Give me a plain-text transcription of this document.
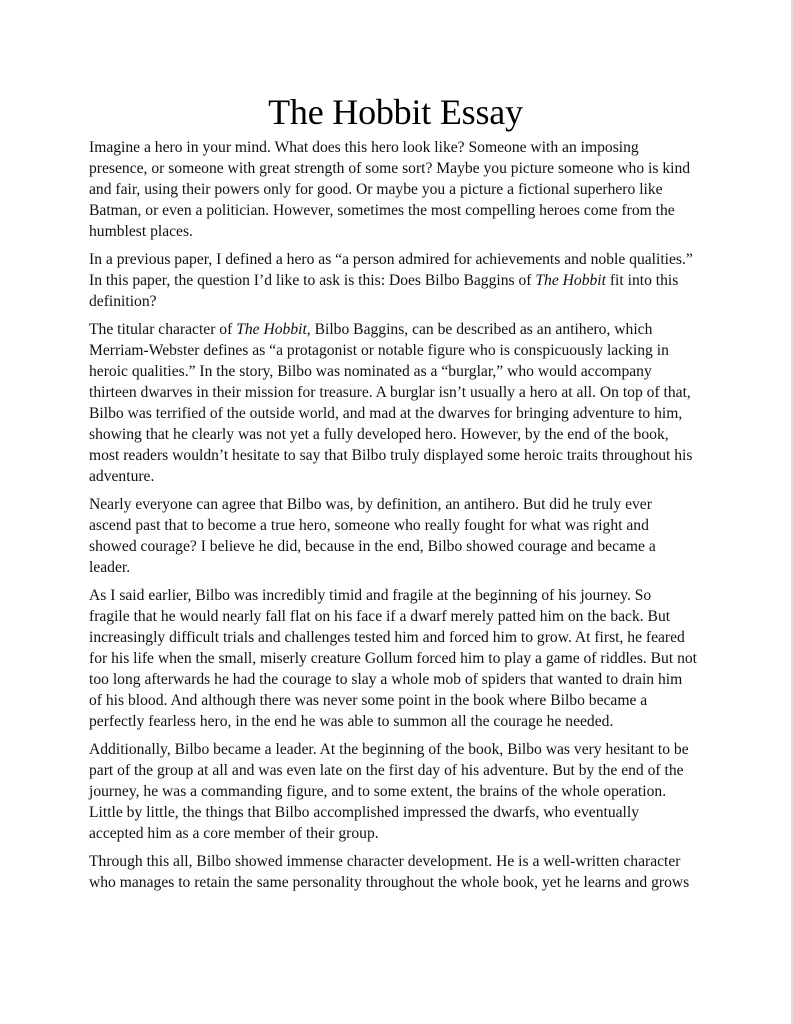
The Hobbit Essay

Imagine a hero in your mind. What does this hero look like? Someone with an imposing
presence, or someone with great strength of some sort? Maybe you picture someone who is kind
and fair, using their powers only for good. Or maybe you a picture a fictional superhero like
Batman, or even a politician. However, sometimes the most compelling heroes come from the
humblest places.

In a previous paper, I defined a hero as “a person admired for achievements and noble qualities.”
In this paper, the question I’d like to ask is this: Does Bilbo Baggins of The Hobbit fit into this
definition?

The titular character of The Hobbit, Bilbo Baggins, can be described as an antihero, which
Merriam-Webster defines as “a protagonist or notable figure who is conspicuously lacking in
heroic qualities.” In the story, Bilbo was nominated as a “burglar,” who would accompany
thirteen dwarves in their mission for treasure. A burglar isn’t usually a hero at all. On top of that,
Bilbo was terrified of the outside world, and mad at the dwarves for bringing adventure to him,
showing that he clearly was not yet a fully developed hero. However, by the end of the book,
most readers wouldn’t hesitate to say that Bilbo truly displayed some heroic traits throughout his
adventure.

Nearly everyone can agree that Bilbo was, by definition, an antihero. But did he truly ever
ascend past that to become a true hero, someone who really fought for what was right and
showed courage? I believe he did, because in the end, Bilbo showed courage and became a
leader.

As I said earlier, Bilbo was incredibly timid and fragile at the beginning of his journey. So
fragile that he would nearly fall flat on his face if a dwarf merely patted him on the back. But
increasingly difficult trials and challenges tested him and forced him to grow. At first, he feared
for his life when the small, miserly creature Gollum forced him to play a game of riddles. But not
too long afterwards he had the courage to slay a whole mob of spiders that wanted to drain him
of his blood. And although there was never some point in the book where Bilbo became a
perfectly fearless hero, in the end he was able to summon all the courage he needed.

Additionally, Bilbo became a leader. At the beginning of the book, Bilbo was very hesitant to be
part of the group at all and was even late on the first day of his adventure. But by the end of the
journey, he was a commanding figure, and to some extent, the brains of the whole operation.
Little by little, the things that Bilbo accomplished impressed the dwarfs, who eventually
accepted him as a core member of their group.

Through this all, Bilbo showed immense character development. He is a well-written character
who manages to retain the same personality throughout the whole book, yet he learns and grows
